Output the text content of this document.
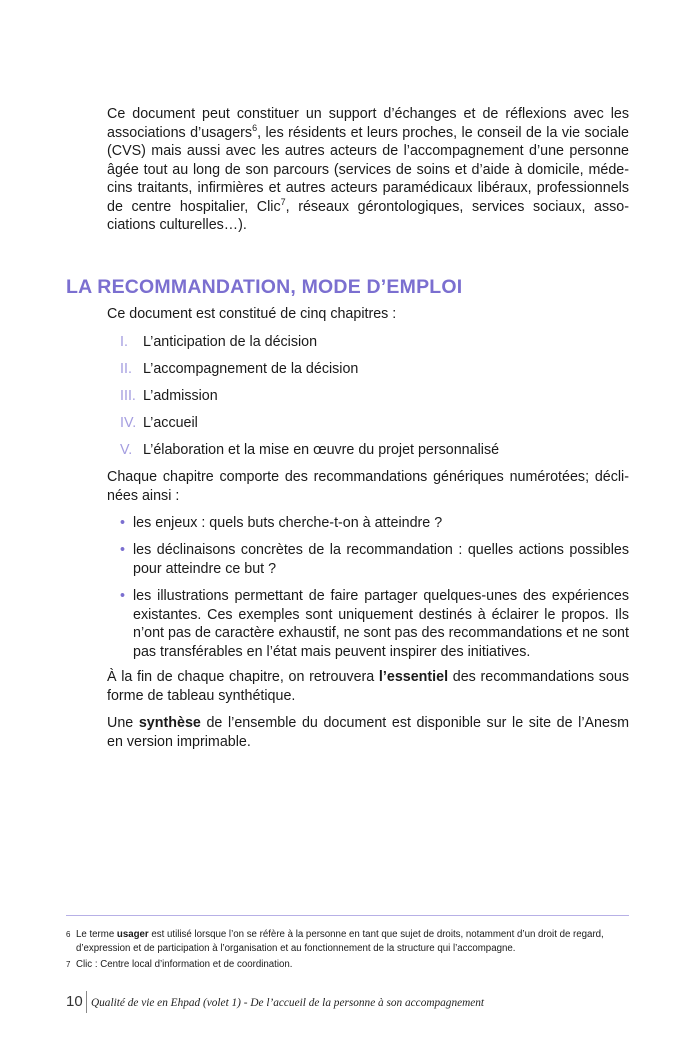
Ce document peut constituer un support d’échanges et de réflexions avec les associations d’usagers$^6$, les résidents et leurs proches, le conseil de la vie sociale (CVS) mais aussi avec les autres acteurs de l’accompagnement d’une personne âgée tout au long de son parcours (services de soins et d’aide à domicile, médecins traitants, infirmières et autres acteurs paramédicaux libéraux, professionnels de centre hospitalier, Clic$^7$, réseaux gérontologiques, services sociaux, associations culturelles…).

LA RECOMMANDATION, MODE D’EMPLOI

Ce document est constitué de cinq chapitres :

I. L’anticipation de la décision
II. L’accompagnement de la décision
III. L’admission
IV. L’accueil
V. L’élaboration et la mise en œuvre du projet personnalisé

Chaque chapitre comporte des recommandations génériques numérotées; déclinées ainsi :

• les enjeux : quels buts cherche-t-on à atteindre ?
• les déclinaisons concrètes de la recommandation : quelles actions possibles pour atteindre ce but ?
• les illustrations permettant de faire partager quelques-unes des expériences existantes. Ces exemples sont uniquement destinés à éclairer le propos. Ils n’ont pas de caractère exhaustif, ne sont pas des recommandations et ne sont pas transférables en l’état mais peuvent inspirer des initiatives.

À la fin de chaque chapitre, on retrouvera l’essentiel des recommandations sous forme de tableau synthétique.

Une synthèse de l’ensemble du document est disponible sur le site de l’Anesm en version imprimable.

6 Le terme usager est utilisé lorsque l’on se réfère à la personne en tant que sujet de droits, notamment d’un droit de regard, d’expression et de participation à l’organisation et au fonctionnement de la structure qui l’accompagne.
7 Clic : Centre local d’information et de coordination.
10 Qualité de vie en Ehpad (volet 1) - De l’accueil de la personne à son accompagnement
